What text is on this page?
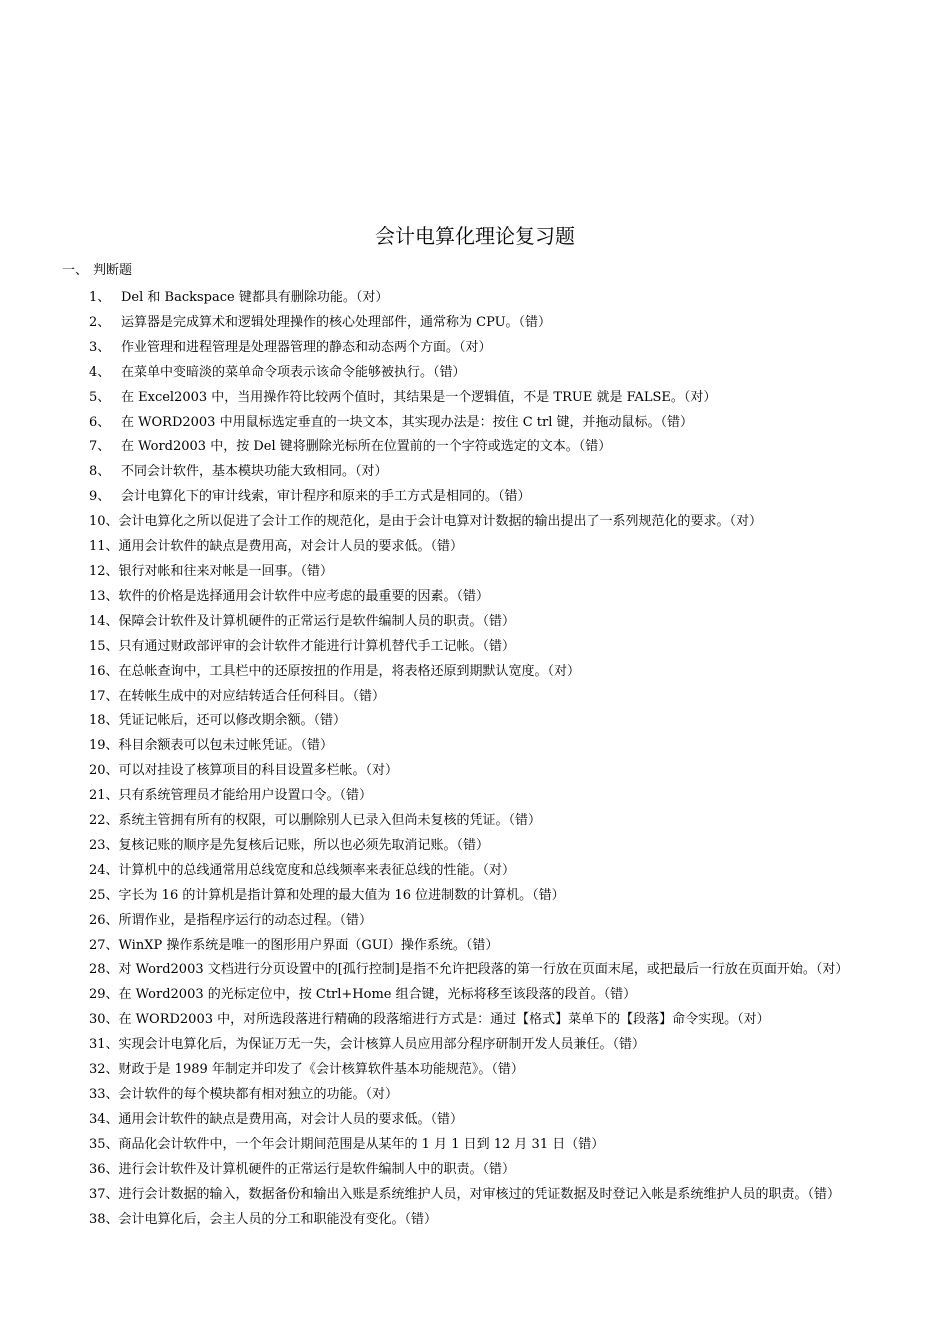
会计电算化理论复习题
一、 判断题
1、 Del 和 Backspace 键都具有删除功能。（对）
2、 运算器是完成算术和逻辑处理操作的核心处理部件，通常称为 CPU。（错）
3、 作业管理和进程管理是处理器管理的静态和动态两个方面。（对）
4、 在菜单中变暗淡的菜单命令项表示该命令能够被执行。（错）
5、 在 Excel2003 中，当用操作符比较两个值时，其结果是一个逻辑值，不是 TRUE 就是 FALSE。（对）
6、 在 WORD2003 中用鼠标选定垂直的一块文本，其实现办法是：按住 C trl 键，并拖动鼠标。（错）
7、 在 Word2003 中，按 Del 键将删除光标所在位置前的一个字符或选定的文本。（错）
8、 不同会计软件，基本模块功能大致相同。（对）
9、 会计电算化下的审计线索，审计程序和原来的手工方式是相同的。（错）
10、会计电算化之所以促进了会计工作的规范化，是由于会计电算对计数据的输出提出了一系列规范化的要求。（对）
11、通用会计软件的缺点是费用高，对会计人员的要求低。（错）
12、银行对帐和往来对帐是一回事。（错）
13、软件的价格是选择通用会计软件中应考虑的最重要的因素。（错）
14、保障会计软件及计算机硬件的正常运行是软件编制人员的职责。（错）
15、只有通过财政部评审的会计软件才能进行计算机替代手工记帐。（错）
16、在总帐查询中，工具栏中的还原按扭的作用是，将表格还原到期默认宽度。（对）
17、在转帐生成中的对应结转适合任何科目。（错）
18、凭证记帐后，还可以修改期余额。（错）
19、科目余额表可以包未过帐凭证。（错）
20、可以对挂设了核算项目的科目设置多栏帐。（对）
21、只有系统管理员才能给用户设置口令。（错）
22、系统主管拥有所有的权限，可以删除别人已录入但尚未复核的凭证。（错）
23、复核记账的顺序是先复核后记账，所以也必须先取消记账。（错）
24、计算机中的总线通常用总线宽度和总线频率来表征总线的性能。（对）
25、字长为 16 的计算机是指计算和处理的最大值为 16 位进制数的计算机。（错）
26、所谓作业，是指程序运行的动态过程。（错）
27、WinXP 操作系统是唯一的图形用户界面（GUI）操作系统。（错）
28、对 Word2003 文档进行分页设置中的[孤行控制]是指不允许把段落的第一行放在页面末尾，或把最后一行放在页面开始。（对）
29、在 Word2003 的光标定位中，按 Ctrl+Home 组合键，光标将移至该段落的段首。（错）
30、在 WORD2003 中，对所选段落进行精确的段落缩进行方式是：通过【格式】菜单下的【段落】命令实现。（对）
31、实现会计电算化后，为保证万无一失，会计核算人员应用部分程序研制开发人员兼任。（错）
32、财政于是 1989 年制定并印发了《会计核算软件基本功能规范》。（错）
33、会计软件的每个模块都有相对独立的功能。（对）
34、通用会计软件的缺点是费用高，对会计人员的要求低。（错）
35、商品化会计软件中，一个年会计期间范围是从某年的 1 月 1 日到 12 月 31 日（错）
36、进行会计软件及计算机硬件的正常运行是软件编制人中的职责。（错）
37、进行会计数据的输入，数据备份和输出入账是系统维护人员，对审核过的凭证数据及时登记入帐是系统维护人员的职责。（错）
38、会计电算化后，会主人员的分工和职能没有变化。（错）
